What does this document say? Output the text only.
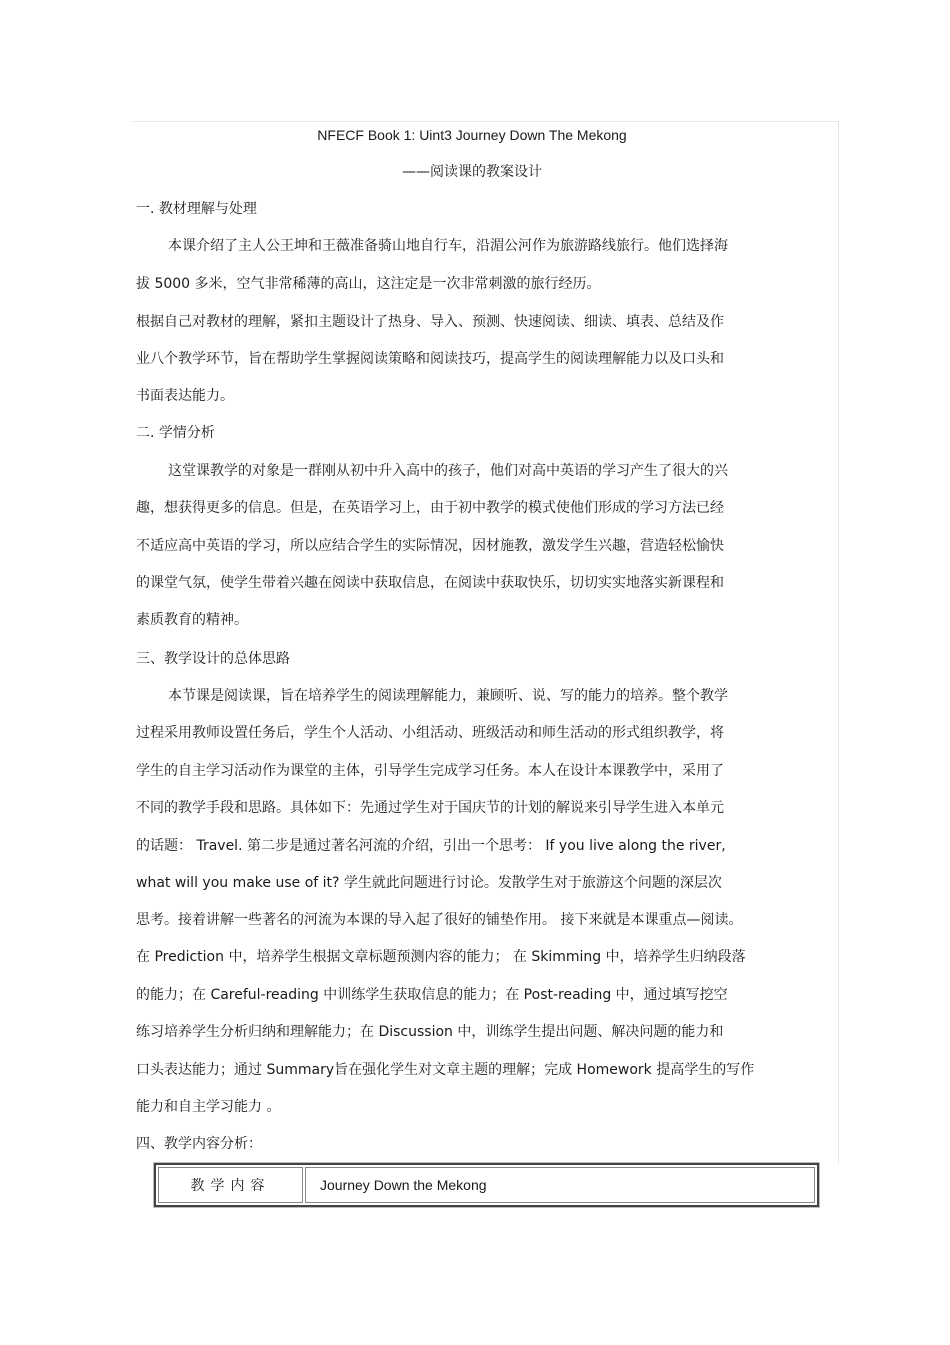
NFECF Book 1: Uint3 Journey Down The Mekong
——阅读课的教案设计
一. 教材理解与处理
本课介绍了主人公王坤和王薇准备骑山地自行车，沿湄公河作为旅游路线旅行。他们选择海
拔 5000 多米，空气非常稀薄的高山，这注定是一次非常刺激的旅行经历。
根据自己对教材的理解，紧扣主题设计了热身、导入、预测、快速阅读、细读、填表、总结及作
业八个教学环节，旨在帮助学生掌握阅读策略和阅读技巧，提高学生的阅读理解能力以及口头和
书面表达能力。
二. 学情分析
这堂课教学的对象是一群刚从初中升入高中的孩子，他们对高中英语的学习产生了很大的兴
趣，想获得更多的信息。但是，在英语学习上，由于初中教学的模式使他们形成的学习方法已经
不适应高中英语的学习，所以应结合学生的实际情况，因材施教，激发学生兴趣，营造轻松愉快
的课堂气氛，使学生带着兴趣在阅读中获取信息，在阅读中获取快乐，切切实实地落实新课程和
素质教育的精神。
三、教学设计的总体思路
本节课是阅读课，旨在培养学生的阅读理解能力，兼顾听、说、写的能力的培养。整个教学
过程采用教师设置任务后，学生个人活动、小组活动、班级活动和师生活动的形式组织教学，将
学生的自主学习活动作为课堂的主体，引导学生完成学习任务。本人在设计本课教学中，采用了
不同的教学手段和思路。具体如下：先通过学生对于国庆节的计划的解说来引导学生进入本单元
的话题： Travel. 第二步是通过著名河流的介绍，引出一个思考： If you live along the river,
what will you make use of it? 学生就此问题进行讨论。发散学生对于旅游这个问题的深层次
思考。接着讲解一些著名的河流为本课的导入起了很好的铺垫作用。 接下来就是本课重点—阅读。
在 Prediction 中，培养学生根据文章标题预测内容的能力； 在 Skimming 中，培养学生归纳段落
的能力；在 Careful-reading 中训练学生获取信息的能力；在 Post-reading 中，通过填写挖空
练习培养学生分析归纳和理解能力；在 Discussion 中，训练学生提出问题、解决问题的能力和
口头表达能力；通过 Summary旨在强化学生对文章主题的理解；完成 Homework 提高学生的写作
能力和自主学习能力 。
四、教学内容分析：
教学内容	Journey Down the Mekong
